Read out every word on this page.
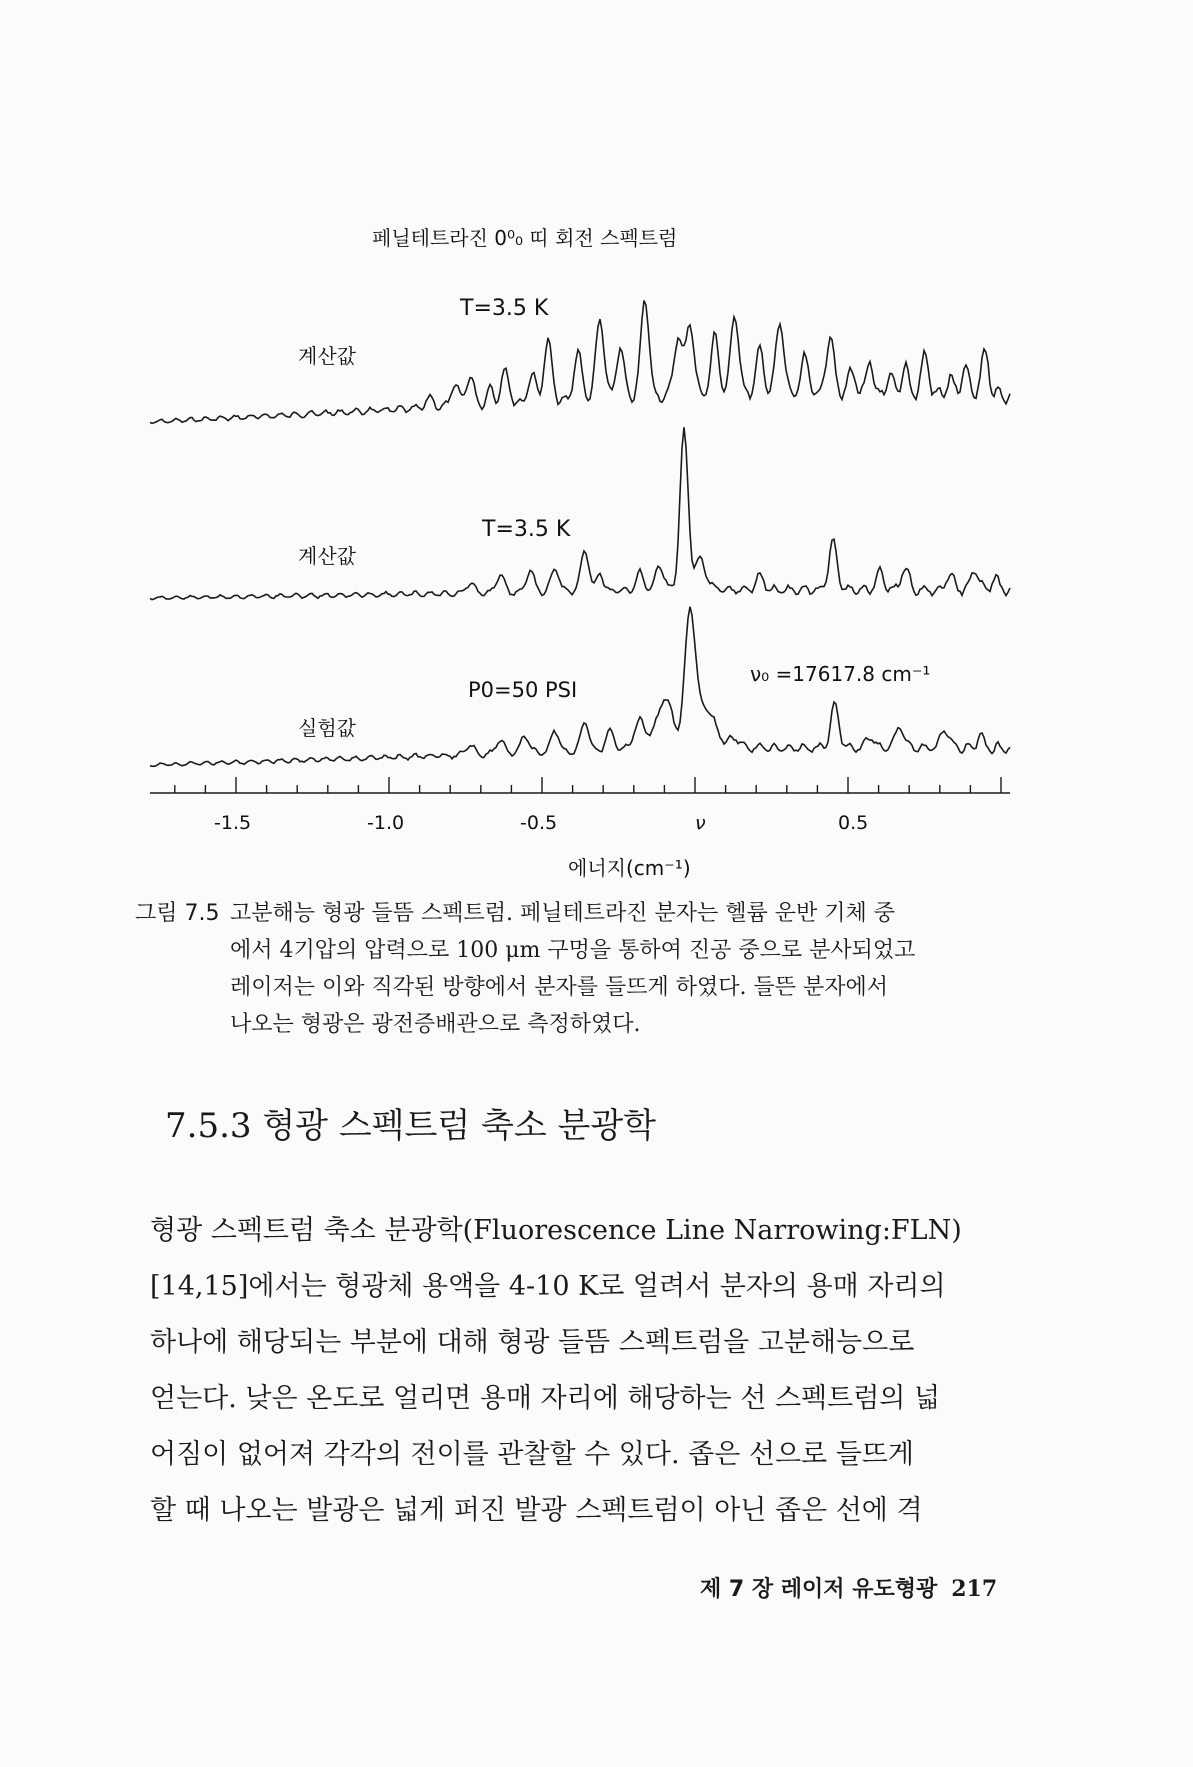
페닐테트라진 0⁰₀ 띠 회전 스펙트럼
계산값
T=3.5 K
계산값
T=3.5 K
실험값
P0=50 PSI
ν₀ =17617.8 cm⁻¹
-1.5	-1.0	-0.5	ν	0.5
에너지(cm⁻¹)
그림 7.5 고분해능 형광 들뜸 스펙트럼. 페닐테트라진 분자는 헬륨 운반 기체 중
에서 4기압의 압력으로 100 μm 구멍을 통하여 진공 중으로 분사되었고
레이저는 이와 직각된 방향에서 분자를 들뜨게 하였다. 들뜬 분자에서
나오는 형광은 광전증배관으로 측정하였다.
7.5.3 형광 스펙트럼 축소 분광학
형광 스펙트럼 축소 분광학(Fluorescence Line Narrowing:FLN)
[14,15]에서는 형광체 용액을 4-10 K로 얼려서 분자의 용매 자리의
하나에 해당되는 부분에 대해 형광 들뜸 스펙트럼을 고분해능으로
얻는다. 낮은 온도로 얼리면 용매 자리에 해당하는 선 스펙트럼의 넓
어짐이 없어져 각각의 전이를 관찰할 수 있다. 좁은 선으로 들뜨게
할 때 나오는 발광은 넓게 퍼진 발광 스펙트럼이 아닌 좁은 선에 격
제 7 장 레이저 유도형광 217
